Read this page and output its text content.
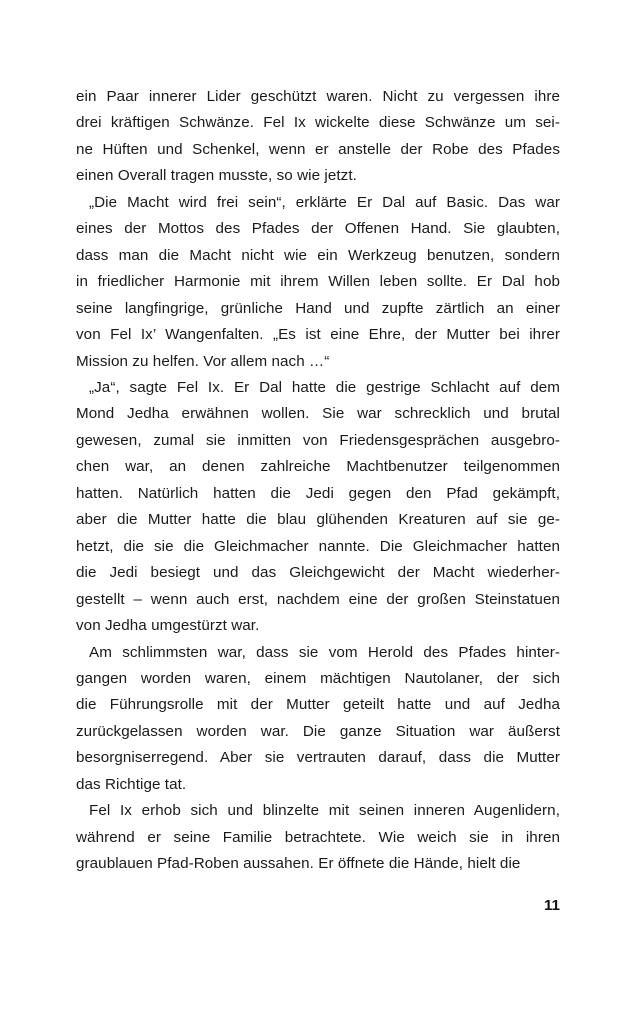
ein Paar innerer Lider geschützt waren. Nicht zu vergessen ihre
drei kräftigen Schwänze. Fel Ix wickelte diese Schwänze um sei-
ne Hüften und Schenkel, wenn er anstelle der Robe des Pfades
einen Overall tragen musste, so wie jetzt.

„Die Macht wird frei sein“, erklärte Er Dal auf Basic. Das war
eines der Mottos des Pfades der Offenen Hand. Sie glaubten,
dass man die Macht nicht wie ein Werkzeug benutzen, sondern
in friedlicher Harmonie mit ihrem Willen leben sollte. Er Dal hob
seine langfingrige, grünliche Hand und zupfte zärtlich an einer
von Fel Ix’ Wangenfalten. „Es ist eine Ehre, der Mutter bei ihrer
Mission zu helfen. Vor allem nach …“

„Ja“, sagte Fel Ix. Er Dal hatte die gestrige Schlacht auf dem
Mond Jedha erwähnen wollen. Sie war schrecklich und brutal
gewesen, zumal sie inmitten von Friedensgesprächen ausgebro-
chen war, an denen zahlreiche Machtbenutzer teilgenommen
hatten. Natürlich hatten die Jedi gegen den Pfad gekämpft,
aber die Mutter hatte die blau glühenden Kreaturen auf sie ge-
hetzt, die sie die Gleichmacher nannte. Die Gleichmacher hatten
die Jedi besiegt und das Gleichgewicht der Macht wiederher-
gestellt – wenn auch erst, nachdem eine der großen Steinstatuen
von Jedha umgestürzt war.

Am schlimmsten war, dass sie vom Herold des Pfades hinter-
gangen worden waren, einem mächtigen Nautolaner, der sich
die Führungsrolle mit der Mutter geteilt hatte und auf Jedha
zurückgelassen worden war. Die ganze Situation war äußerst
besorgniserregend. Aber sie vertrauten darauf, dass die Mutter
das Richtige tat.

Fel Ix erhob sich und blinzelte mit seinen inneren Augenlidern,
während er seine Familie betrachtete. Wie weich sie in ihren
graublauen Pfad-Roben aussahen. Er öffnete die Hände, hielt die

11
